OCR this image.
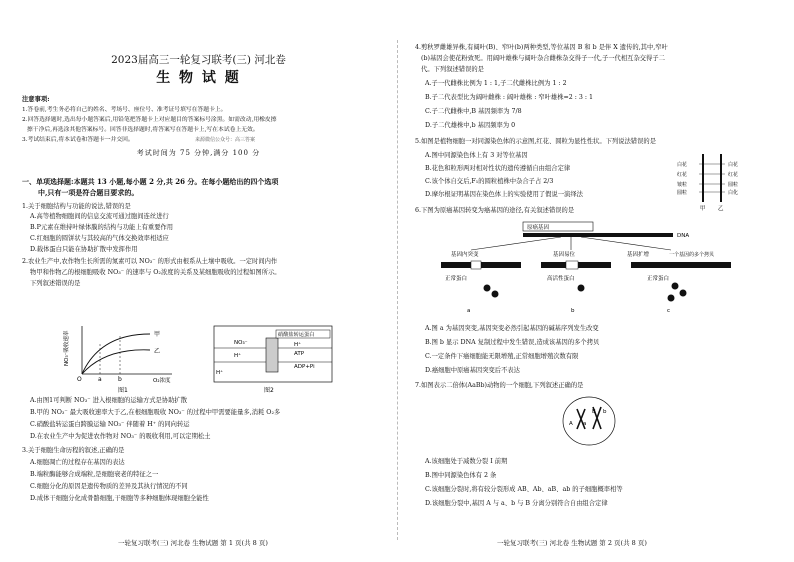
2023届高三一轮复习联考(三) 河北卷
生 物 试 题
注意事项:
1.答卷前,考生务必将自己的姓名、考场号、座位号、准考证号填写在答题卡上。
2.回答选择题时,选出每小题答案后,用铅笔把答题卡上对应题目的答案标号涂黑。如需改动,用橡皮擦
擦干净后,再选涂其他答案标号。回答非选择题时,将答案写在答题卡上,写在本试卷上无效。
3.考试结束后,将本试卷和答题卡一并交回。	来源微信公众号：高三答案
考试时间为 75 分钟,满分 100 分
一、单项选择题:本题共 13 小题,每小题 2 分,共 26 分。在每小题给出的四个选项
中,只有一项是符合题目要求的。
1.关于细胞结构与功能的说法,错误的是
A.高等植物细胞间的信息交流可通过胞间连丝进行
B.P元素在维持叶绿体膜的结构与功能上有重要作用
C.红细胞的圆饼状与其较高的气体交换效率相适应
D.载体蛋白只能在协助扩散中发挥作用
2.农业生产中,农作物生长所需的氮素可以 NO₃⁻ 的形式由根系从土壤中吸收。一定时间内作
物甲和作物乙的根细胞吸收 NO₃⁻ 的速率与 O₂浓度的关系及某细胞吸收的过程如图所示。
下列叙述错误的是
NO₃⁻吸收速率
O	a	b	O₂浓度
甲
乙
图1
硝酸盐转运蛋白
NO₃⁻
H⁺
H⁺
H⁺
ATP
ADP+Pi
图2
A.由图1可判断 NO₃⁻ 进入根细胞的运输方式是协助扩散
B.甲的 NO₃⁻ 最大吸收速率大于乙,在根细胞吸收 NO₃⁻ 的过程中甲需要能量多,消耗 O₂多
C.硝酸盐转运蛋白跨膜运输 NO₃⁻ 伴随着 H⁺ 的同向转运
D.在农业生产中为促进农作物对 NO₃⁻ 的吸收利用,可以定期松土
3.关于细胞生命历程的叙述,正确的是
A.细胞凋亡的过程存在基因的表达
B.端粒酶能够合成端粒,是细胞衰老的特征之一
C.细胞分化的原因是遗传物质的差异及其执行情况的不同
D.成体干细胞分化成骨骼细胞,干细胞等多种细胞体现细胞全能性
一轮复习联考(三) 河北卷 生物试题 第 1 页(共 8 页)
4.剪秋罗雌雄异株,有阔叶(B)、窄叶(b)两种类型,等位基因 B 和 b 是伴 X 遗传的,其中,窄叶
(b)基因会使花粉致死。用阔叶雄株与阔叶杂合雌株杂交得子一代,子一代相互杂交得子二
代。下列叙述错误的是
A.子一代雌株比例为 1 : 1,子二代雌株比例为 1 : 2
B.子二代表型比为阔叶雌株 : 阔叶雄株 : 窄叶雄株=2 : 3 : 1
C.子二代雌株中,B 基因频率为 7/8
D.子二代雄株中,b 基因频率为 0
5.如图是植物细胞一对同源染色体的示意图,红花、圆粒为显性性状。下列说法错误的是
A.图中同源染色体上有 3 对等位基因
B.花色和粒形两对相对性状的遗传遵循自由组合定律
C.该个体自交后,F₁的圆粒植株中杂合子占 2/3
D.摩尔根证明基因在染色体上的实验使用了假说一演绎法
白花
红花
皱粒
圆粒
白花
红花
圆粒
白化
甲 乙
6.下图为原癌基因转变为癌基因的途径,有关叙述错误的是
原癌基因
DNA
基因内突变	基因易位	基因扩增	一个基因的多个拷贝
正常蛋白	高活性蛋白	正常蛋白
a	b	c
A.图 a 为基因突变,基因突变必然引起基因的碱基序列发生改变
B.图 b 显示 DNA 复制过程中发生错误,造成该基因的多个拷贝
C.一定条件下癌细胞能无限增殖,正常细胞增殖次数有限
D.癌细胞中原癌基因突变后不表达
7.如图表示二倍体(AaBb)动物的一个细胞,下列叙述正确的是
A a
B b
A.该细胞处于减数分裂 I 前期
B.图中同源染色体有 2 条
C.该细胞分裂时,将有较分裂形成 AB、Ab、aB、ab 的子细胞概率相等
D.该细胞分裂中,基因 A 与 a、b 与 B 分离分别符合自由组合定律
一轮复习联考(三) 河北卷 生物试题 第 2 页(共 8 页)
